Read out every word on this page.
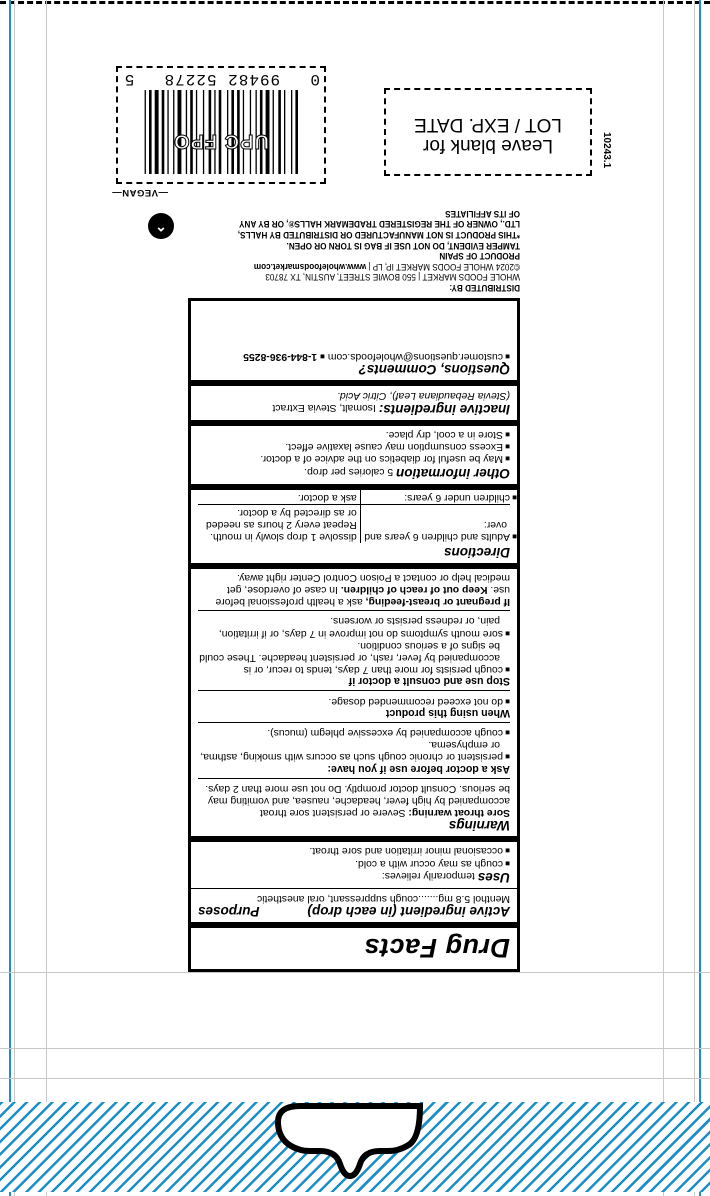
Drug Facts
Active ingredient (in each drop)
Purposes
Menthol 5.8 mg.......cough suppressant, oral anesthetic
Uses temporarily relieves:
■ cough as may occur with a cold.
■ occasional minor irritation and sore throat.
Warnings
Sore throat warning: Severe or persistent sore throat accompanied by high fever, headache, nausea, and vomiting may be serious. Consult doctor promptly. Do not use more than 2 days.
Ask a doctor before use if you have:
■ persistent or chronic cough such as occurs with smoking, asthma, or emphysema.
■ cough accompanied by excessive phlegm (mucus).
When using this product
■ do not exceed recommended dosage.
Stop use and consult a doctor if
■ cough persists for more than 7 days, tends to recur, or is accompanied by fever, rash, or persistent headache. These could be signs of a serious condition.
■ sore mouth symptoms do not improve in 7 days, or if irritation, pain, or redness persists or worsens.
If pregnant or breast-feeding, ask a health professional before use. Keep out of reach of children. In case of overdose, get medical help or contact a Poison Control Center right away.
Directions
■ Adults and children 6 years and over:	dissolve 1 drop slowly in mouth. Repeat every 2 hours as needed or as directed by a doctor.
■ children under 6 years:	ask a doctor.
Other information 5 calories per drop.
■ May be useful for diabetics on the advice of a doctor.
■ Excess consumption may cause laxative effect.
■ Store in a cool, dry place.
Inactive ingredients: Isomalt, Stevia Extract
(Stevia Rebaudiana Leaf), Citric Acid.
Questions, Comments?
■ customer.questions@wholefoods.com ■ 1-844-936-8255
DISTRIBUTED BY:
WHOLE FOODS MARKET | 550 BOWIE STREET, AUSTIN, TX 78703
©2024 WHOLE FOODS MARKET IP, LP | www.wholefoodsmarket.com
PRODUCT OF SPAIN
TAMPER EVIDENT, DO NOT USE IF BAG IS TORN OR OPEN.
*THIS PRODUCT IS NOT MANUFACTURED OR DISTRIBUTED BY HALLS,
LTD., OWNER OF THE REGISTERED TRADEMARK HALLS®, OR BY ANY
OF ITS AFFILIATES
⌃
—VEGAN—
Leave blank for
LOT / EXP. DATE
10243.1
UPC FPO
0  99482 52278  5
